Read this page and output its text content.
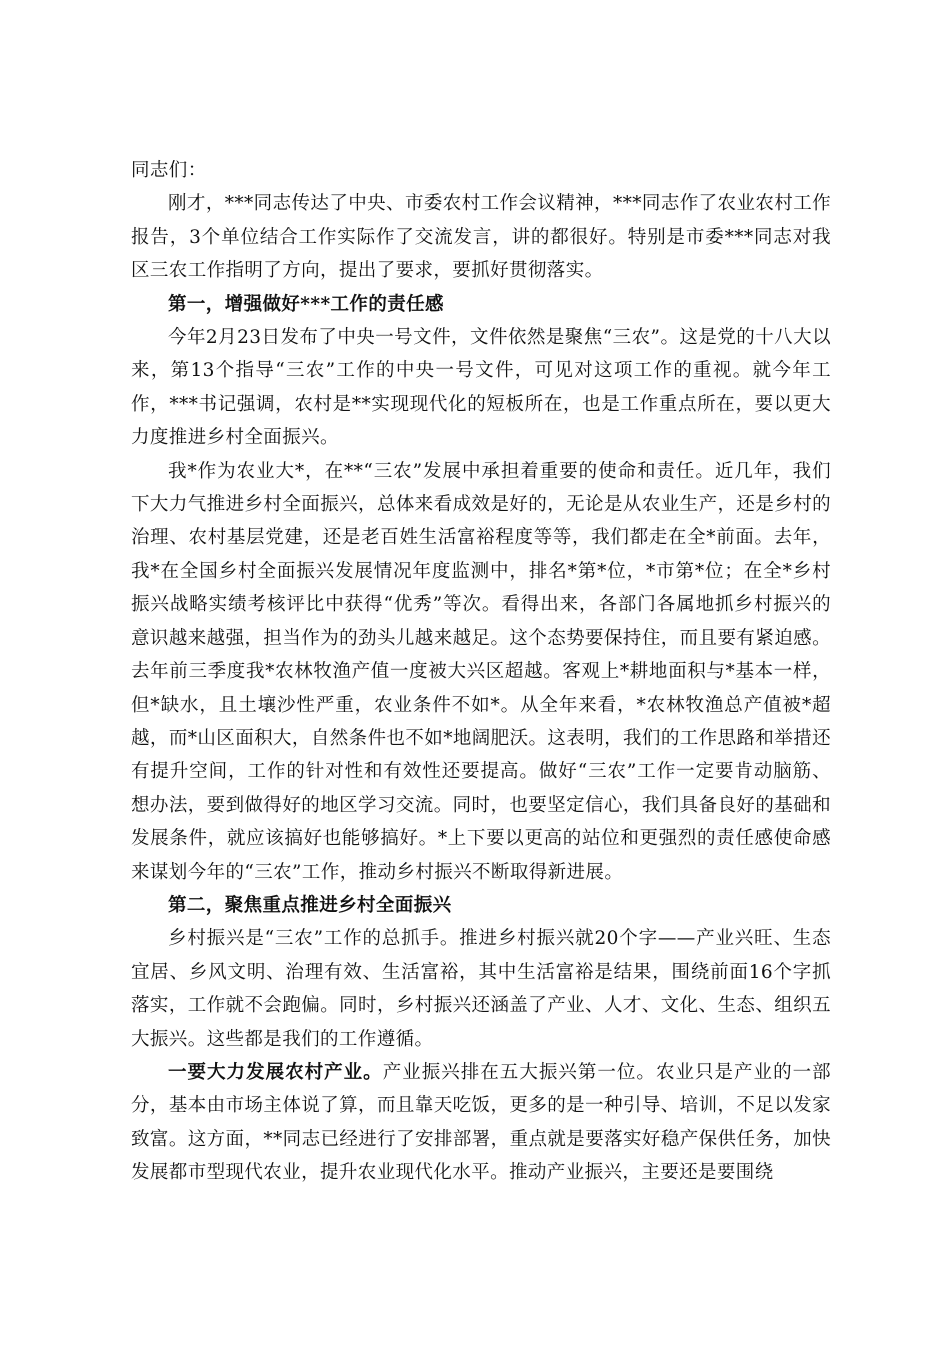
同志们：

刚才，***同志传达了中央、市委农村工作会议精神，***同志作了农业农村工作报告，3个单位结合工作实际作了交流发言，讲的都很好。特别是市委***同志对我区三农工作指明了方向，提出了要求，要抓好贯彻落实。

第一，增强做好***工作的责任感

今年2月23日发布了中央一号文件，文件依然是聚焦“三农”。这是党的十八大以来，第13个指导“三农”工作的中央一号文件，可见对这项工作的重视。就今年工作，***书记强调，农村是**实现现代化的短板所在，也是工作重点所在，要以更大力度推进乡村全面振兴。

我*作为农业大*，在**“三农”发展中承担着重要的使命和责任。近几年，我们下大力气推进乡村全面振兴，总体来看成效是好的，无论是从农业生产，还是乡村的治理、农村基层党建，还是老百姓生活富裕程度等等，我们都走在全*前面。去年，我*在全国乡村全面振兴发展情况年度监测中，排名*第*位，*市第*位；在全*乡村振兴战略实绩考核评比中获得“优秀”等次。看得出来，各部门各属地抓乡村振兴的意识越来越强，担当作为的劲头儿越来越足。这个态势要保持住，而且要有紧迫感。去年前三季度我*农林牧渔产值一度被大兴区超越。客观上*耕地面积与*基本一样，但*缺水，且土壤沙性严重，农业条件不如*。从全年来看，*农林牧渔总产值被*超越，而*山区面积大，自然条件也不如*地阔肥沃。这表明，我们的工作思路和举措还有提升空间，工作的针对性和有效性还要提高。做好“三农”工作一定要肯动脑筋、想办法，要到做得好的地区学习交流。同时，也要坚定信心，我们具备良好的基础和发展条件，就应该搞好也能够搞好。*上下要以更高的站位和更强烈的责任感使命感来谋划今年的“三农”工作，推动乡村振兴不断取得新进展。

第二，聚焦重点推进乡村全面振兴

乡村振兴是“三农”工作的总抓手。推进乡村振兴就20个字——产业兴旺、生态宜居、乡风文明、治理有效、生活富裕，其中生活富裕是结果，围绕前面16个字抓落实，工作就不会跑偏。同时，乡村振兴还涵盖了产业、人才、文化、生态、组织五大振兴。这些都是我们的工作遵循。

一要大力发展农村产业。产业振兴排在五大振兴第一位。农业只是产业的一部分，基本由市场主体说了算，而且靠天吃饭，更多的是一种引导、培训，不足以发家致富。这方面，**同志已经进行了安排部署，重点就是要落实好稳产保供任务，加快发展都市型现代农业，提升农业现代化水平。推动产业振兴，主要还是要围绕
